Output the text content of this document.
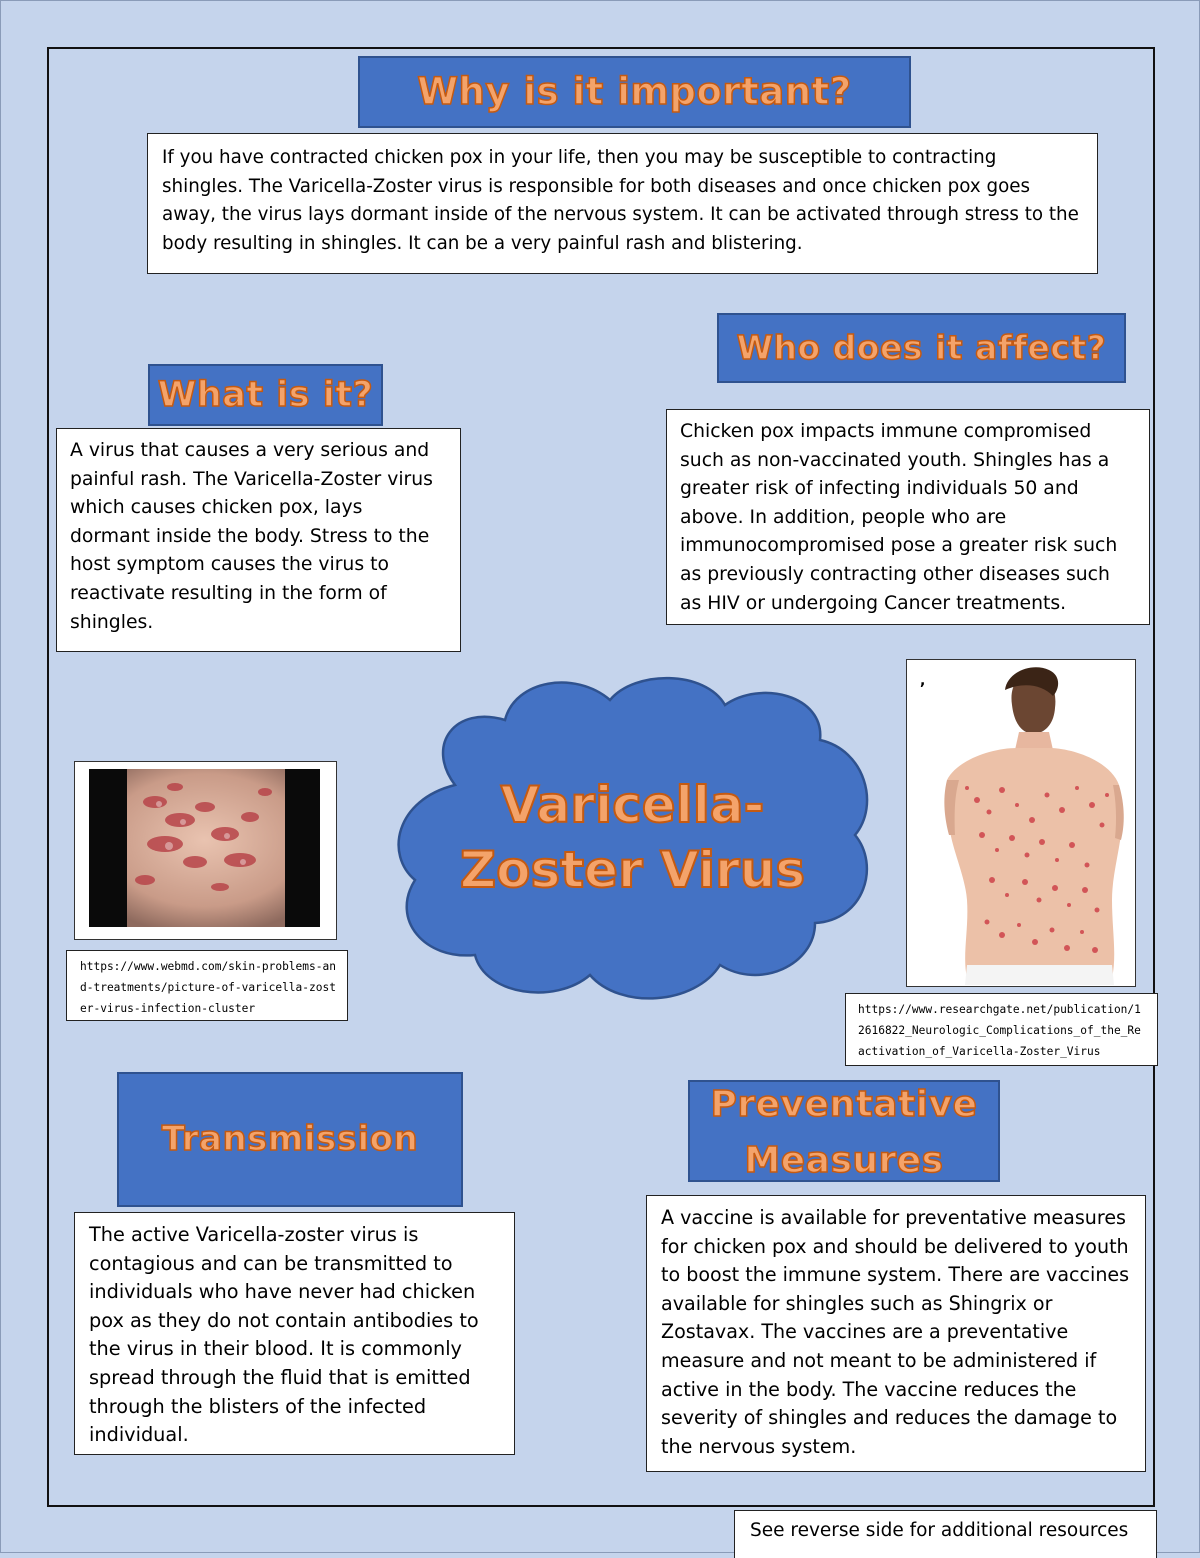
Why is it important?

If you have contracted chicken pox in your life, then you may be susceptible to contracting shingles. The Varicella-Zoster virus is responsible for both diseases and once chicken pox goes away, the virus lays dormant inside of the nervous system. It can be activated through stress to the body resulting in shingles. It can be a very painful rash and blistering.

Who does it affect?

Chicken pox impacts immune compromised such as non-vaccinated youth. Shingles has a greater risk of infecting individuals 50 and above. In addition, people who are immunocompromised pose a greater risk such as previously contracting other diseases such as HIV or undergoing Cancer treatments.

What is it?

A virus that causes a very serious and painful rash. The Varicella-Zoster virus which causes chicken pox, lays dormant inside the body. Stress to the host symptom causes the virus to reactivate resulting in the form of shingles.

https://www.webmd.com/skin-problems-and-treatments/picture-of-varicella-zoster-virus-infection-cluster

Varicella-
Zoster Virus
,

https://www.researchgate.net/publication/12616822_Neurologic_Complications_of_the_Reactivation_of_Varicella-Zoster_Virus

Transmission

The active Varicella-zoster virus is contagious and can be transmitted to individuals who have never had chicken pox as they do not contain antibodies to the virus in their blood. It is commonly spread through the fluid that is emitted through the blisters of the infected individual.

Preventative Measures

A vaccine is available for preventative measures for chicken pox and should be delivered to youth to boost the immune system. There are vaccines available for shingles such as Shingrix or Zostavax. The vaccines are a preventative measure and not meant to be administered if active in the body. The vaccine reduces the severity of shingles and reduces the damage to the nervous system.

See reverse side for additional resources
